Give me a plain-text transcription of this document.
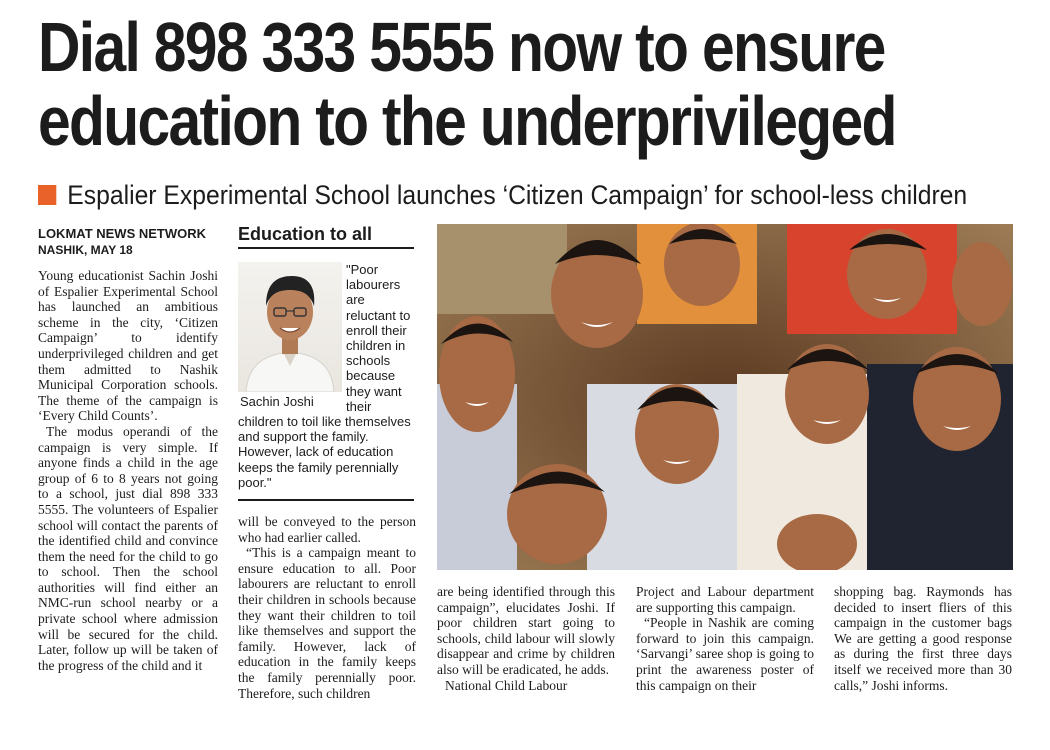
Dial 898 333 5555 now to ensure
education to the underprivileged
Espalier Experimental School launches ‘Citizen Campaign’ for school-less children
LOKMAT NEWS NETWORK
NASHIK, MAY 18

Young educationist Sachin Joshi of Espalier Experimental School has launched an ambitious scheme in the city, ‘Citizen Campaign’ to identify underprivileged children and get them admitted to Nashik Municipal Corporation schools. The theme of the campaign is ‘Every Child Counts’.

The modus operandi of the campaign is very simple. If anyone finds a child in the age group of 6 to 8 years not going to a school, just dial 898 333 5555. The volunteers of Espalier school will contact the parents of the identified child and convince them the need for the child to go to school. Then the school authorities will find either an NMC-run school nearby or a private school where admission will be secured for the child. Later, follow up will be taken of the progress of the child and it

Education to all
Sachin Joshi
"Poor labourers are reluctant to enroll their children in schools because they want their children to toil like themselves and support the family. However, lack of education keeps the family perennially poor."

will be conveyed to the person who had earlier called.

“This is a campaign meant to ensure education to all. Poor labourers are reluctant to enroll their children in schools because they want their children to toil like themselves and support the family. However, lack of education in the family keeps the family perennially poor. Therefore, such children

are being identified through this campaign”, elucidates Joshi. If poor children start going to schools, child labour will slowly disappear and crime by children also will be eradicated, he adds.

National Child Labour

Project and Labour department are supporting this campaign.

“People in Nashik are coming forward to join this campaign. ‘Sarvangi’ saree shop is going to print the awareness poster of this campaign on their

shopping bag. Raymonds has decided to insert fliers of this campaign in the customer bags We are getting a good response as during the first three days itself we received more than 30 calls,” Joshi informs.
